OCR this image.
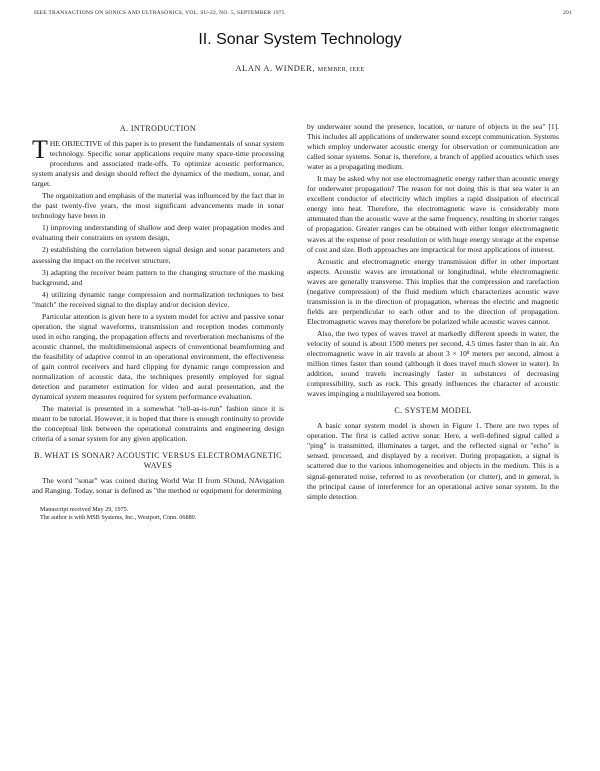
IEEE TRANSACTIONS ON SONICS AND ULTRASONICS, VOL. SU-22, NO. 5, SEPTEMBER 1975	291
II. Sonar System Technology
ALAN A. WINDER, MEMBER, IEEE
A. INTRODUCTION

THE OBJECTIVE of this paper is to present the fundamentals of sonar system technology. Specific sonar applications require many space-time processing procedures and associated trade-offs. To optimize acoustic performance, system analysis and design should reflect the dynamics of the medium, sonar, and target.

The organization and emphasis of the material was influenced by the fact that in the past twenty-five years, the most significant advancements made in sonar technology have been in

1) improving understanding of shallow and deep water propagation modes and evaluating their constraints on system design,

2) establishing the correlation between signal design and sonar parameters and assessing the impact on the receiver structure,

3) adapting the receiver beam pattern to the changing structure of the masking background, and

4) utilizing dynamic range compression and normalization techniques to best "match" the received signal to the display and/or decision device.

Particular attention is given here to a system model for active and passive sonar operation, the signal waveforms, transmission and reception modes commonly used in echo ranging, the propagation effects and reverberation mechanisms of the acoustic channel, the multidimensional aspects of conventional beamforming and the feasibility of adaptive control in an operational environment, the effectiveness of gain control receivers and hard clipping for dynamic range compression and normalization of acoustic data, the techniques presently employed for signal detection and parameter estimation for video and aural presentation, and the dynamical system measures required for system performance evaluation.

The material is presented in a somewhat "tell-as-is-run" fashion since it is meant to be tutorial. However, it is hoped that there is enough continuity to provide the conceptual link between the operational constraints and engineering design criteria of a sonar system for any given application.

B. WHAT IS SONAR? ACOUSTIC VERSUS ELECTROMAGNETIC WAVES

The word "sonar" was coined during World War II from SOund, NAvigation and Ranging. Today, sonar is defined as "the method or equipment for determining

Manuscript received May 29, 1975.

The author is with MSB Systems, Inc., Westport, Conn. 06880.

by underwater sound the presence, location, or nature of objects in the sea" [1]. This includes all applications of underwater sound except communication. Systems which employ underwater acoustic energy for observation or communication are called sonar systems. Sonar is, therefore, a branch of applied acoustics which uses water as a propagating medium.

It may be asked why not use electromagnetic energy rather than acoustic energy for underwater propagation? The reason for not doing this is that sea water is an excellent conductor of electricity which implies a rapid dissipation of electrical energy into heat. Therefore, the electromagnetic wave is considerably more attenuated than the acoustic wave at the same frequency, resulting in shorter ranges of propagation. Greater ranges can be obtained with either longer electromagnetic waves at the expense of poor resolution or with huge energy storage at the expense of cost and size. Both approaches are impractical for most applications of interest.

Acoustic and electromagnetic energy transmission differ in other important aspects. Acoustic waves are irrotational or longitudinal, while electromagnetic waves are generally transverse. This implies that the compression and rarefaction (negative compression) of the fluid medium which characterizes acoustic wave transmission is in the direction of propagation, whereas the electric and magnetic fields are perpendicular to each other and to the direction of propagation. Electromagnetic waves may therefore be polarized while acoustic waves cannot.

Also, the two types of waves travel at markedly different speeds in water, the velocity of sound is about 1500 meters per second, 4.5 times faster than in air. An electromagnetic wave in air travels at about 3 × 10⁸ meters per second, almost a million times faster than sound (although it does travel much slower in water). In addition, sound travels increasingly faster in substances of decreasing compressibility, such as rock. This greatly influences the character of acoustic waves impinging a multilayered sea bottom.

C. SYSTEM MODEL

A basic sonar system model is shown in Figure 1. There are two types of operation. The first is called active sonar. Here, a well-defined signal called a "ping" is transmitted, illuminates a target, and the reflected signal or "echo" is sensed, processed, and displayed by a receiver. During propagation, a signal is scattered due to the various inhomogeneities and objects in the medium. This is a signal-generated noise, referred to as reverberation (or clutter), and in general, is the principal cause of interference for an operational active sonar system. In the simple detection
